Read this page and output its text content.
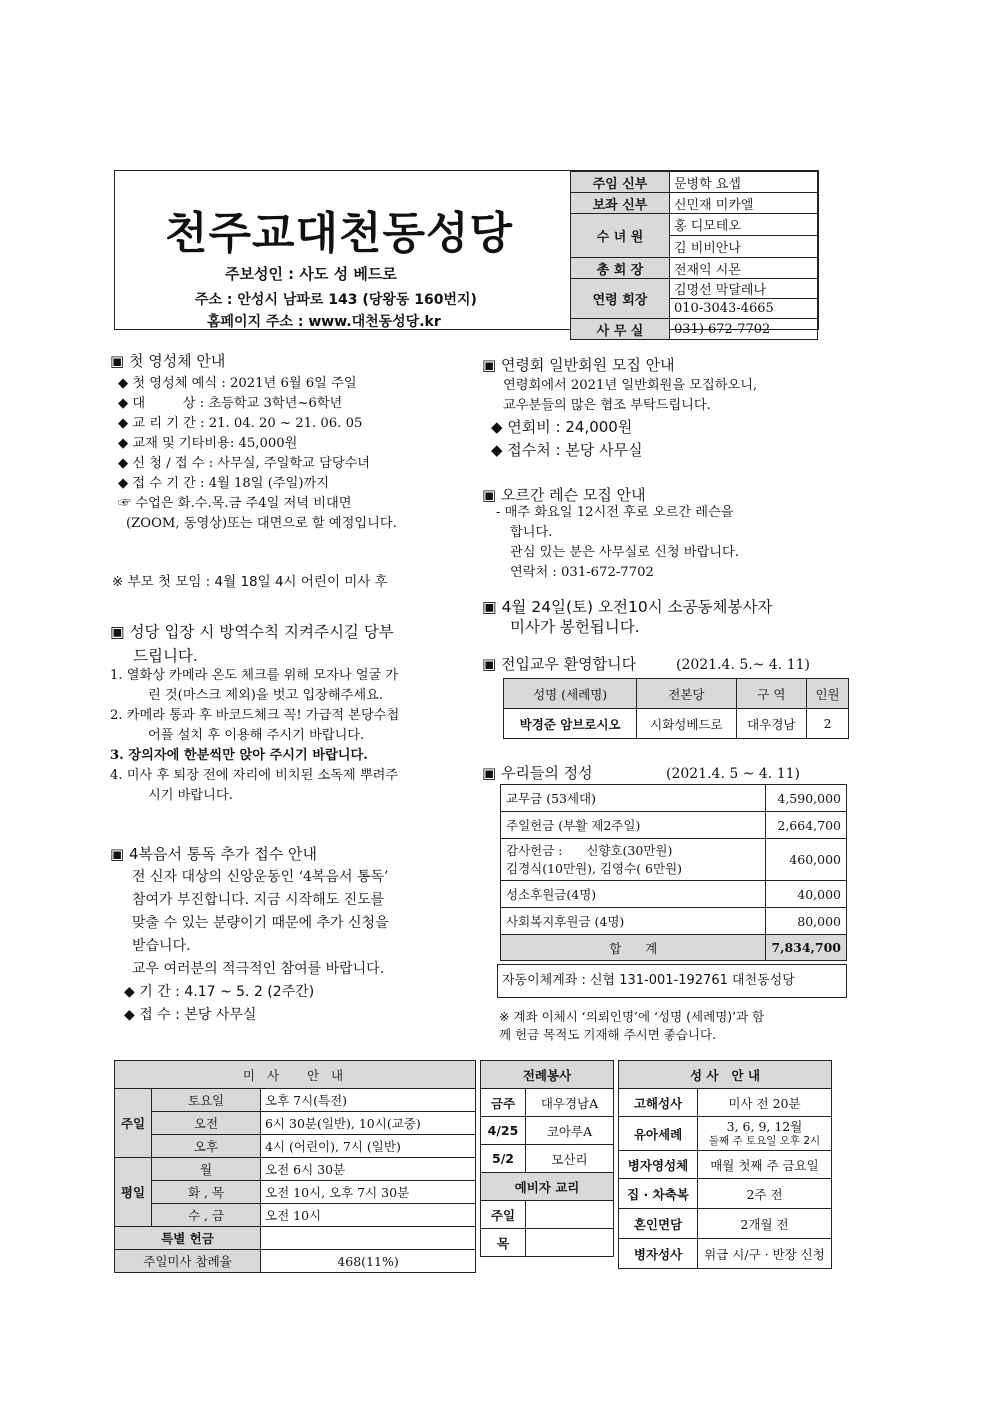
천주교대천동성당
주보성인 : 사도 성 베드로
주소 : 안성시 남파로 143 (당왕동 160번지)
홈페이지 주소 : www.대천동성당.kr
주임 신부	문병학 요셉
보좌 신부	신민재 미카엘
수 녀 원	홍 디모테오
	김 비비안나
총 회 장	전재익 시몬
연령 회장	김명선 막달레나
	010-3043-4665
사 무 실	031) 672-7702
▣ 첫 영성체 안내
◆ 첫 영성체 예식 : 2021년 6월 6일 주일
◆ 대         상 : 초등학교 3학년~6학년
◆ 교 리 기 간 : 21. 04. 20 ~ 21. 06. 05
◆ 교재 및 기타비용: 45,000원
◆ 신 청 / 접 수 : 사무실, 주일학교 담당수녀
◆ 접 수 기 간 : 4월 18일 (주일)까지
☞ 수업은 화.수.목.금 주4일 저녁 비대면
(ZOOM, 동영상)또는 대면으로 할 예정입니다.
※ 부모 첫 모임 : 4월 18일 4시 어린이 미사 후
▣ 성당 입장 시 방역수칙 지켜주시길 당부
드립니다.
1. 열화상 카메라 온도 체크를 위해 모자나 얼굴 가
린 것(마스크 제외)을 벗고 입장해주세요.
2. 카메라 통과 후 바코드체크 꼭! 가급적 본당수첩
어플 설치 후 이용해 주시기 바랍니다.
3. 장의자에 한분씩만 앉아 주시기 바랍니다.
4. 미사 후 퇴장 전에 자리에 비치된 소독제 뿌려주
시기 바랍니다.
▣ 4복음서 통독 추가 접수 안내
전 신자 대상의 신앙운동인 ‘4복음서 통독’
참여가 부진합니다. 지금 시작해도 진도를
맞출 수 있는 분량이기 때문에 추가 신청을
받습니다.
교우 여러분의 적극적인 참여를 바랍니다.
◆ 기 간 : 4.17 ~ 5. 2 (2주간)
◆ 접 수 : 본당 사무실
▣ 연령회 일반회원 모집 안내
연령회에서 2021년 일반회원을 모집하오니,
교우분들의 많은 협조 부탁드립니다.
◆ 연회비 : 24,000원
◆ 접수처 : 본당 사무실
▣ 오르간 레슨 모집 안내
- 매주 화요일 12시전 후로 오르간 레슨을
합니다.
관심 있는 분은 사무실로 신청 바랍니다.
연락처 : 031-672-7702
▣ 4월 24일(토) 오전10시 소공동체봉사자
미사가 봉헌됩니다.
▣ 전입교우 환영합니다	(2021.4. 5.~ 4. 11)
성명 (세례명)	전본당	구 역	인원
박경준 암브로시오	시화성베드로	대우경남	2
▣ 우리들의 정성	(2021.4. 5 ~ 4. 11)
교무금 (53세대)	4,590,000
주일헌금 (부활 제2주일)	2,664,700

감사헌금 :      신향호(30만원)
김경식(10만원), 김영수( 6만원)	460,000
성소후원금(4명)	40,000
사회복지후원금 (4명)	80,000
합      계	7,834,700
자동이체계좌 : 신협 131-001-192761 대천동성당
※ 계좌 이체시 ‘의뢰인명’에 ‘성명 (세례명)’과 함
께 헌금 목적도 기재해 주시면 좋습니다.
미 사   안 내		
주일	토요일	오후 7시(특전)
	오전	6시 30분(일반), 10시(교중)
	오후	4시 (어린이), 7시 (일반)
평일	월	오전 6시 30분
	화 , 목	오전 10시, 오후 7시 30분
	수 , 금	오전 10시
특별 헌금		
주일미사 참례율		468(11%)
전례봉사	
금주	대우경남A
4/25	코아루A
5/2	모산리
예비자 교리	
주일	
목	
성 사   안 내	
고해성사	미사 전 20분
유아세례	3, 6, 9, 12월
둘째 주 토요일 오후 2시

병자영성체	매월 첫째 주 금요일
집 · 차축복	2주 전
혼인면담	2개월 전
병자성사	위급 시/구 · 반장 신청
